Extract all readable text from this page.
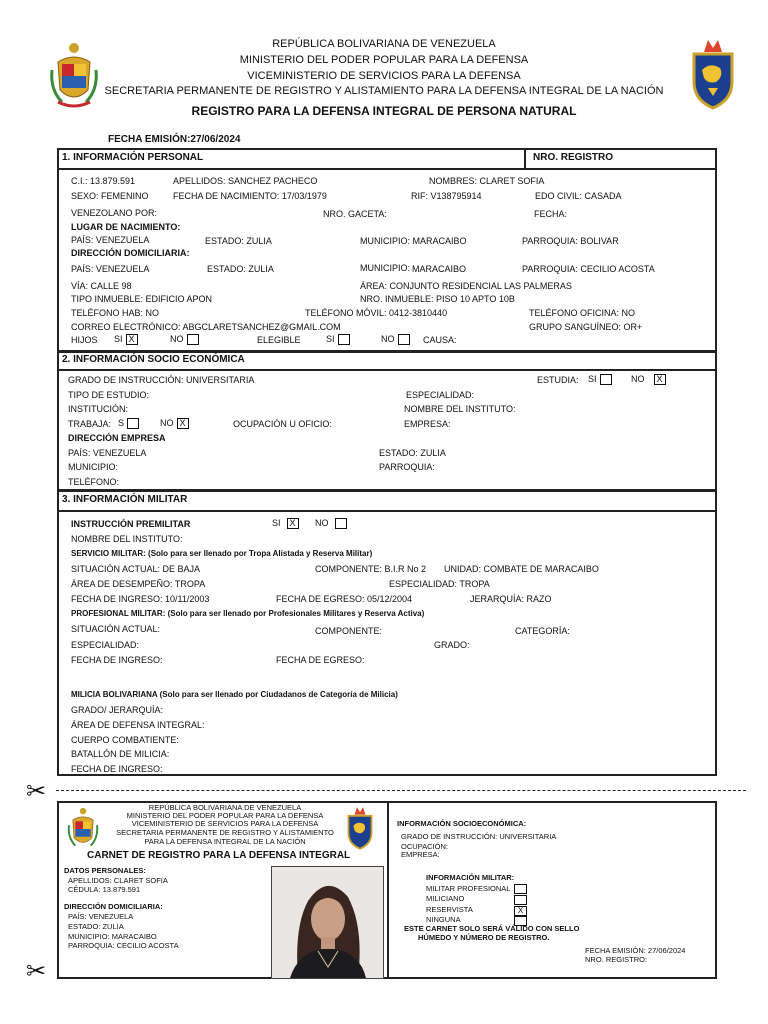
REPÚBLICA BOLIVARIANA DE VENEZUELA
MINISTERIO DEL PODER POPULAR PARA LA DEFENSA
VICEMINISTERIO DE SERVICIOS PARA LA DEFENSA
SECRETARIA PERMANENTE DE REGISTRO Y ALISTAMIENTO PARA LA DEFENSA INTEGRAL DE LA NACIÓN
REGISTRO PARA LA DEFENSA INTEGRAL DE PERSONA NATURAL
FECHA EMISIÓN:27/06/2024
1. INFORMACIÓN PERSONAL	NRO. REGISTRO
C.I.: 13.879.591	APELLIDOS: SANCHEZ PACHECO	NOMBRES: CLARET SOFIA
SEXO: FEMENINO	FECHA DE NACIMIENTO: 17/03/1979	RIF: V138795914	EDO CIVIL: CASADA
VENEZOLANO POR:	NRO. GACETA:	FECHA:
LUGAR DE NACIMIENTO:
PAÍS: VENEZUELA	ESTADO: ZULIA	MUNICIPIO: MARACAIBO	PARROQUIA: BOLIVAR
DIRECCIÓN DOMICILIARIA:
PAÍS: VENEZUELA	ESTADO: ZULIA	MUNICIPIO: MARACAIBO	PARROQUIA: CECILIO ACOSTA
VÍA: CALLE 98	ÁREA: CONJUNTO RESIDENCIAL LAS PALMERAS
TIPO INMUEBLE: EDIFICIO APON	NRO. INMUEBLE: PISO 10 APTO 10B
TELÉFONO HAB: NO	TELÉFONO MÓVIL: 0412-3810440	TELÉFONO OFICINA: NO
CORREO ELECTRÓNICO: ABGCLARETSANCHEZ@GMAIL.COM	GRUPO SANGUÍNEO: OR+
HIJOS SI X	NO	ELEGIBLE	SI	NO	CAUSA:
2. INFORMACIÓN SOCIO ECONÓMICA
GRADO DE INSTRUCCIÓN: UNIVERSITARIA	ESTUDIA: SI	NO X
TIPO DE ESTUDIO:	ESPECIALIDAD:
INSTITUCIÓN:	NOMBRE DEL INSTITUTO:
TRABAJA: S	NO X	OCUPACIÓN U OFICIO:	EMPRESA:
DIRECCIÓN EMPRESA
PAÍS: VENEZUELA	ESTADO: ZULIA
MUNICIPIO:	PARROQUIA:
TELÉFONO:
3. INFORMACIÓN MILITAR
INSTRUCCIÓN PREMILITAR	SI X	NO
NOMBRE DEL INSTITUTO:
SERVICIO MILITAR: (Solo para ser llenado por Tropa Alistada y Reserva Militar)
SITUACIÓN ACTUAL: DE BAJA	COMPONENTE: B.I.R No 2 UNIDAD: COMBATE DE MARACAIBO
ÁREA DE DESEMPEÑO: TROPA	ESPECIALIDAD: TROPA
FECHA DE INGRESO: 10/11/2003	FECHA DE EGRESO: 05/12/2004	JERARQUÍA: RAZO
PROFESIONAL MILITAR: (Solo para ser llenado por Profesionales Militares y Reserva Activa)
SITUACIÓN ACTUAL:	COMPONENTE:	CATEGORÍA:
ESPECIALIDAD:	GRADO:
FECHA DE INGRESO:	FECHA DE EGRESO:
MILICIA BOLIVARIANA (Solo para ser llenado por Ciudadanos de Categoría de Milicia)
GRADO/ JERARQUÍA:
ÁREA DE DEFENSA INTEGRAL:
CUERPO COMBATIENTE:
BATALLÓN DE MILICIA:
FECHA DE INGRESO:
✂
REPÚBLICA BOLIVARIANA DE VENEZUELA
MINISTERIO DEL PODER POPULAR PARA LA DEFENSA
VICEMINISTERIO DE SERVICIOS PARA LA DEFENSA
SECRETARIA PERMANENTE DE REGISTRO Y ALISTAMIENTO
PARA LA DEFENSA INTEGRAL DE LA NACIÓN
CARNET DE REGISTRO PARA LA DEFENSA INTEGRAL
DATOS PERSONALES:
APELLIDOS: CLARET SOFIA
CÉDULA: 13.879.591
DIRECCIÓN DOMICILIARIA:
PAÍS: VENEZUELA
ESTADO: ZULIA
MUNICIPIO: MARACAIBO
PARROQUIA: CECILIO ACOSTA
INFORMACIÓN SOCIOECONÓMICA:
GRADO DE INSTRUCCIÓN: UNIVERSITARIA
OCUPACIÓN:
EMPRESA:
INFORMACIÓN MILITAR:
MILITAR PROFESIONAL
MILICIANO
RESERVISTA	X
NINGUNA
ESTE CARNET SOLO SERÁ VÁLIDO CON SELLO
HÚMEDO Y NÚMERO DE REGISTRO.
FECHA EMISIÓN: 27/06/2024
NRO. REGISTRO:
✂
